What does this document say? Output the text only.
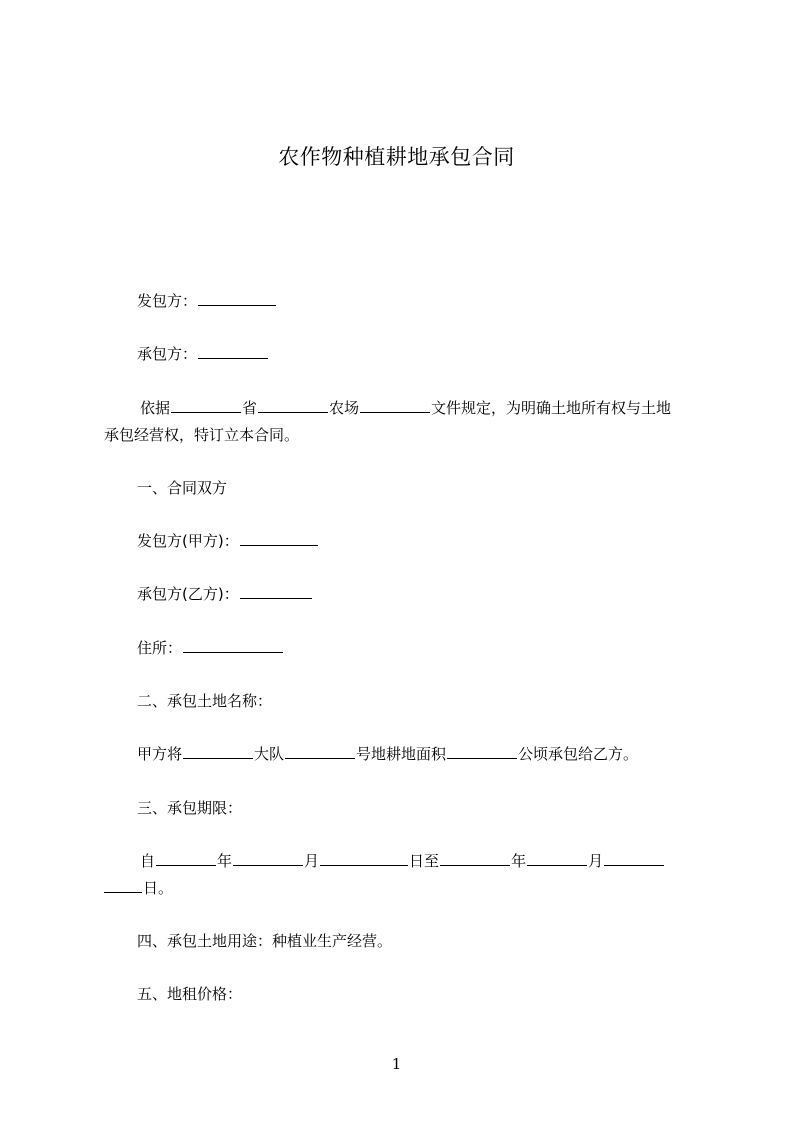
农作物种植耕地承包合同

发包方：

承包方：

依据	省	农场	文件规定，为明确土地所有权与土地

承包经营权，特订立本合同。

一、合同双方

发包方(甲方)：

承包方(乙方)：

住所：

二、承包土地名称：

甲方将	大队	号地耕地面积	公顷承包给乙方。

三、承包期限：

自	年	月	日至	年	月

日。

四、承包土地用途：种植业生产经营。

五、地租价格：

1
